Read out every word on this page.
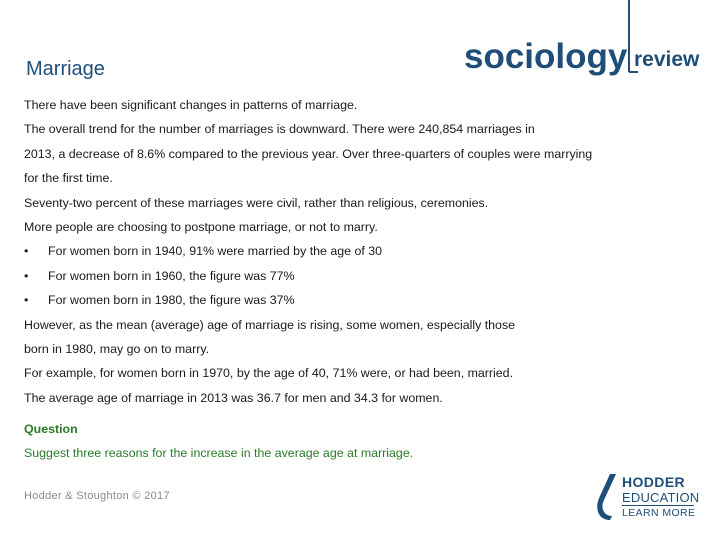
sociology review
Marriage
There have been significant changes in patterns of marriage.
The overall trend for the number of marriages is downward. There were 240,854 marriages in
2013, a decrease of 8.6% compared to the previous year. Over three-quarters of couples were marrying
for the first time.
Seventy-two percent of these marriages were civil, rather than religious, ceremonies.
More people are choosing to postpone marriage, or not to marry.
•	For women born in 1940, 91% were married by the age of 30
•	For women born in 1960, the figure was 77%
•	For women born in 1980, the figure was 37%
However, as the mean (average) age of marriage is rising, some women, especially those
born in 1980, may go on to marry.
For example, for women born in 1970, by the age of 40, 71% were, or had been, married.
The average age of marriage in 2013 was 36.7 for men and 34.3 for women.
Question
Suggest three reasons for the increase in the average age at marriage.
Hodder & Stoughton © 2017
HODDER
EDUCATION
LEARN MORE
